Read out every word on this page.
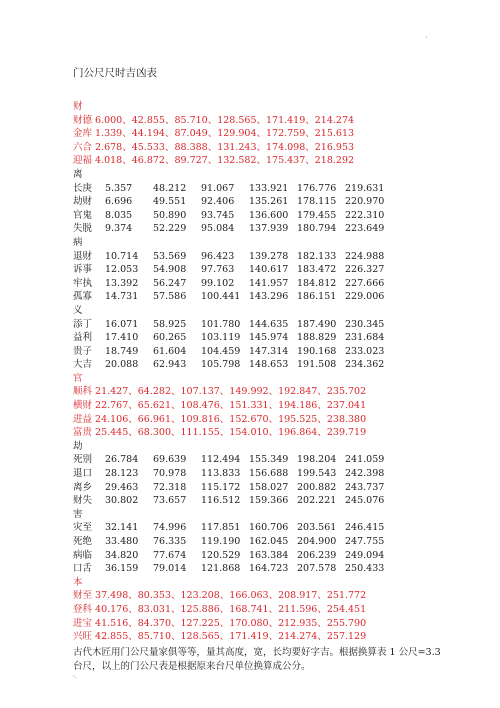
'
门公尺尺时吉凶表
财
财德 6.000、42.855、85.710、128.565、171.419、214.274
金库 1.339、44.194、87.049、129.904、172.759、215.613
六合 2.678、45.533、88.388、131.243、174.098、216.953
迎福 4.018、46.872、89.727、132.582、175.437、218.292
离
长庚	5.357	48.212	91.067	133.921 176.776 219.631
劫财	6.696	49.551	92.406	135.261 178.115 220.970
官鬼	8.035	50.890	93.745	136.600 179.455 222.310
失脱	9.374	52.229	95.084	137.939 180.794 223.649
病
退财	10.714	53.569	96.423	139.278 182.133 224.988
诉事	12.053	54.908	97.763	140.617 183.472 226.327
牢执	13.392	56.247	99.102	141.957 184.812 227.666
孤寡	14.731	57.586	100.441 143.296 186.151 229.006
义
添丁	16.071	58.925	101.780 144.635 187.490 230.345
益利	17.410	60.265	103.119 145.974 188.829 231.684
贵子	18.749	61.604	104.459 147.314 190.168 233.023
大吉	20.088	62.943	105.798 148.653 191.508 234.362
官
顺科 21.427、64.282、107.137、149.992、192.847、235.702
横财 22.767、65.621、108.476、151.331、194.186、237.041
进益 24.106、66.961、109.816、152.670、195.525、238.380
富贵 25.445、68.300、111.155、154.010、196.864、239.719
劫
死别	26.784	69.639	112.494 155.349 198.204 241.059
退口	28.123	70.978	113.833 156.688 199.543 242.398
离乡	29.463	72.318	115.172 158.027 200.882 243.737
财失	30.802	73.657	116.512 159.366 202.221 245.076
害
灾至	32.141	74.996	117.851 160.706 203.561 246.415
死绝	33.480	76.335	119.190 162.045 204.900 247.755
病临	34.820	77.674	120.529 163.384 206.239 249.094
口舌	36.159	79.014	121.868 164.723 207.578 250.433
本
财至 37.498、80.353、123.208、166.063、208.917、251.772
登科 40.176、83.031、125.886、168.741、211.596、254.451
进宝 41.516、84.370、127.225、170.080、212.935、255.790
兴旺 42.855、85.710、128.565、171.419、214.274、257.129
古代木匠用门公尺量家俱等等，量其高度，宽，长均要好字吉。根据换算表 1 公尺=3.3 台尺，以上的门公尺表是根据原来台尺单位换算成公分。
'·
